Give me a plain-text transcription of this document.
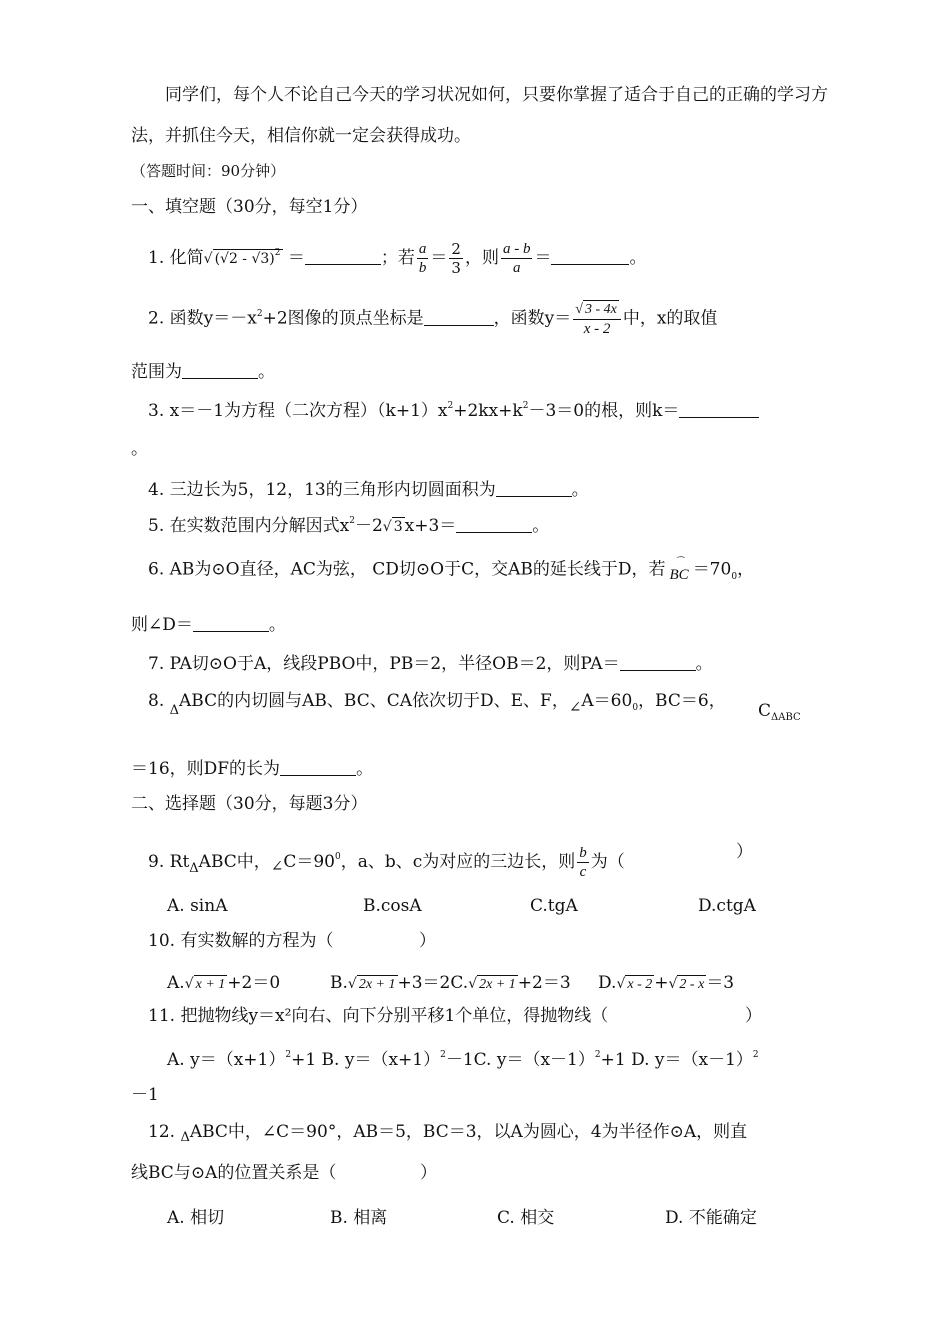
同学们，每个人不论自己今天的学习状况如何，只要你掌握了适合于自己的正确的学习方
法，并抓住今天，相信你就一定会获得成功。
（答题时间：90分钟）
一、填空题（30分，每空1分）
1. 化简√ (√2 - √3)$^2$ ＝	；若 $\frac{a}{b} = \frac{2}{3}$ ，则 $\frac{a - b}{a}$ ＝	。
2. 函数$y=-x^2+2$图像的顶点坐标是	，函数$y= \frac{√ 3 - 4x}{x - 2}$ 中，x的取值
范围为	。
3. x＝－1为方程（二次方程）$(k+1)x^2+2kx+k^2-3=0$的根，则k＝
。
4. 三边长为5，12，13的三角形内切圆面积为	。
5. 在实数范围内分解因式$x^2-2√$ 3 x+3＝	。
6. AB为⊙O直径，AC为弦， CD切⊙O于C，交AB的延长线于D，若	⌒
BC $=70_0$，
则∠D＝	。
7. PA切⊙O于A，线段PBO中，PB＝2，半径OB＝2，则PA＝	。
8. $_\Delta$ABC的内切圆与AB、BC、CA依次切于D、E、F，$\angle A=60_0$，BC＝6， $C_{\Delta ABC}$
＝16，则DF的长为	。
二、选择题（30分，每题3分）
9. $Rt_\Delta ABC$中，$\angle C=90^0$，a、b、c为对应的三边长，则 $\frac{b}{c}$ 为（	）
A. sinA	B.cosA	C.tgA	D.ctgA
10. 有实数解的方程为（	）
A.√ x + 1 +2＝0	B.√ 2x + 1 +3＝2C.√ 2x + 1 +2＝3 D.√ x - 2 +√ 2 - x ＝3
11. 把抛物线y＝x²向右、向下分别平移1个单位，得抛物线（	）
A. $y=(x+1)^2+1$ B. $y=(x+1)^2-1C$. $y=(x-1)^2+1$ D. $y=(x-1)^2$
－1
12. $_\Delta$ABC中，∠C＝90°，AB＝5，BC＝3，以A为圆心，4为半径作⊙A，则直
线BC与⊙A的位置关系是（	）
A. 相切	B. 相离	C. 相交	D. 不能确定
